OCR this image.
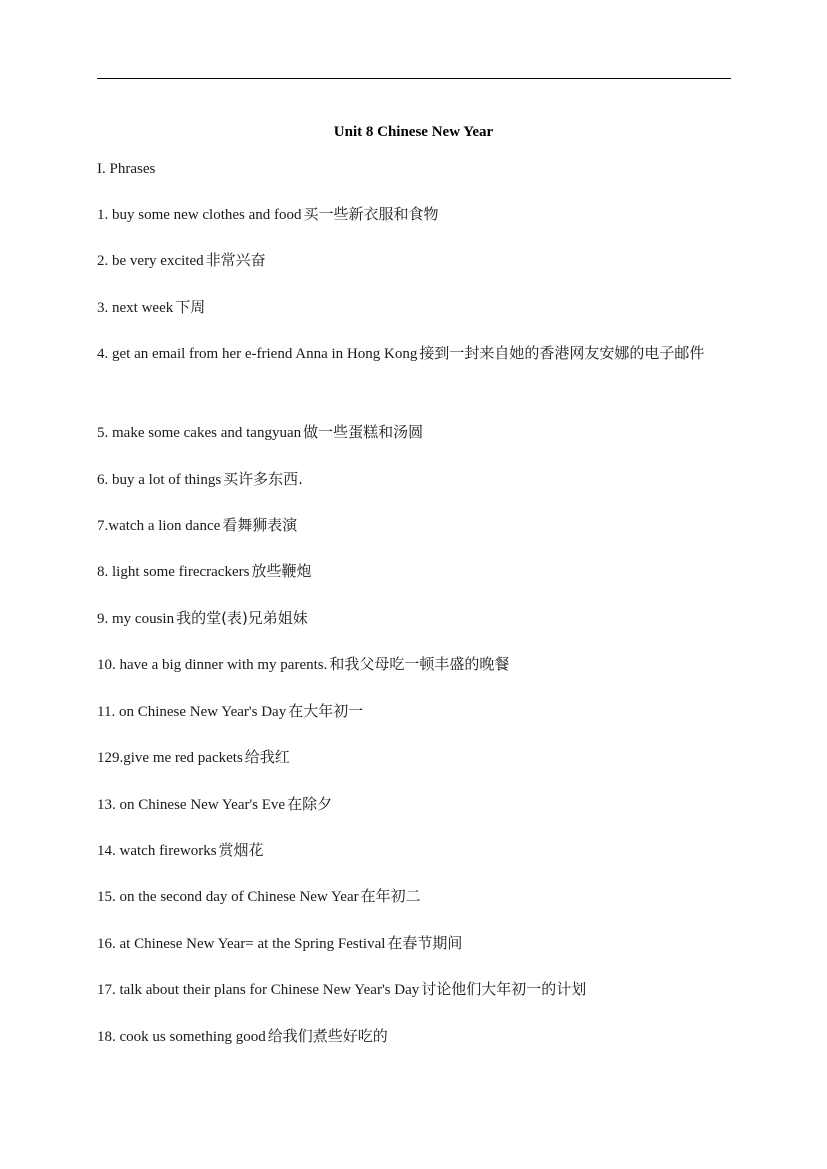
Unit 8 Chinese New Year
I. Phrases
1. buy some new clothes and food 买一些新衣服和食物
2. be very excited 非常兴奋
3. next week 下周
4. get an email from her e-friend Anna in Hong Kong 接到一封来自她的香港网友安娜的电子邮件
5. make some cakes and tangyuan 做一些蛋糕和汤圆
6. buy a lot of things 买许多东西.
7.watch a lion dance 看舞狮表演
8. light some firecrackers 放些鞭炮
9. my cousin 我的堂(表)兄弟姐妹
10. have a big dinner with my parents. 和我父母吃一顿丰盛的晚餐
11. on Chinese New Year's Day 在大年初一
129.give me red packets 给我红
13. on Chinese New Year's Eve 在除夕
14. watch fireworks 赏烟花
15. on the second day of Chinese New Year 在年初二
16. at Chinese New Year= at the Spring Festival 在春节期间
17. talk about their plans for Chinese New Year's Day 讨论他们大年初一的计划
18. cook us something good 给我们煮些好吃的
